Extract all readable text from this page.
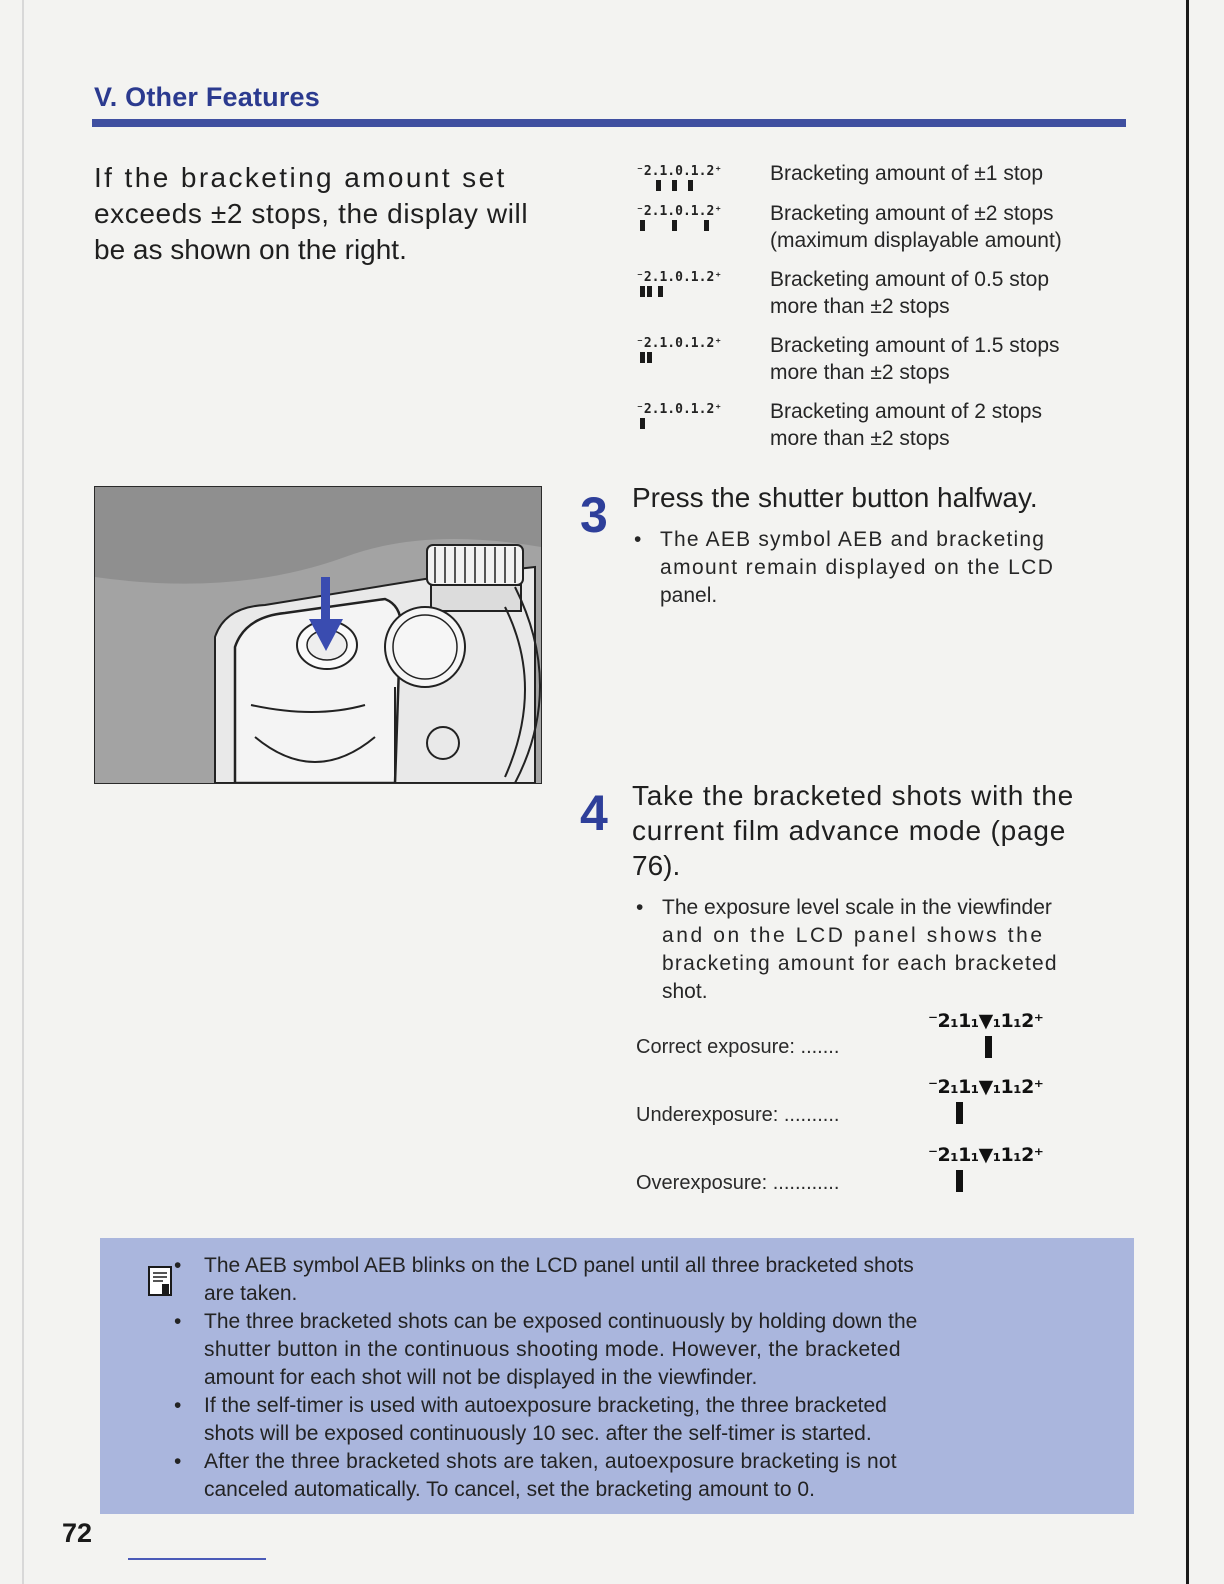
V. Other Features
If the bracketing amount set
exceeds ±2 stops, the display will
be as shown on the right.
⁻2.1.0.1.2⁺	Bracketing amount of ±1 stop
⁻2.1.0.1.2⁺	Bracketing amount of ±2 stops
(maximum displayable amount)
⁻2.1.0.1.2⁺	Bracketing amount of 0.5 stop
more than ±2 stops
⁻2.1.0.1.2⁺	Bracketing amount of 1.5 stops
more than ±2 stops
⁻2.1.0.1.2⁺	Bracketing amount of 2 stops
more than ±2 stops
3 Press the shutter button halfway.
• The AEB symbol AEB and bracketing
amount remain displayed on the LCD
panel.
4 Take the bracketed shots with the
current film advance mode (page
76).
• The exposure level scale in the viewfinder
and on the LCD panel shows the
bracketing amount for each bracketed
shot.
Correct exposure: .......
⁻2₁1₁▼₁1₁2⁺
Underexposure: ..........
⁻2₁1₁▼₁1₁2⁺
Overexposure: ............
⁻2₁1₁▼₁1₁2⁺
• The AEB symbol AEB blinks on the LCD panel until all three bracketed shots
are taken.
• The three bracketed shots can be exposed continuously by holding down the
shutter button in the continuous shooting mode. However, the bracketed
amount for each shot will not be displayed in the viewfinder.
• If the self-timer is used with autoexposure bracketing, the three bracketed
shots will be exposed continuously 10 sec. after the self-timer is started.
• After the three bracketed shots are taken, autoexposure bracketing is not
canceled automatically. To cancel, set the bracketing amount to 0.
72
